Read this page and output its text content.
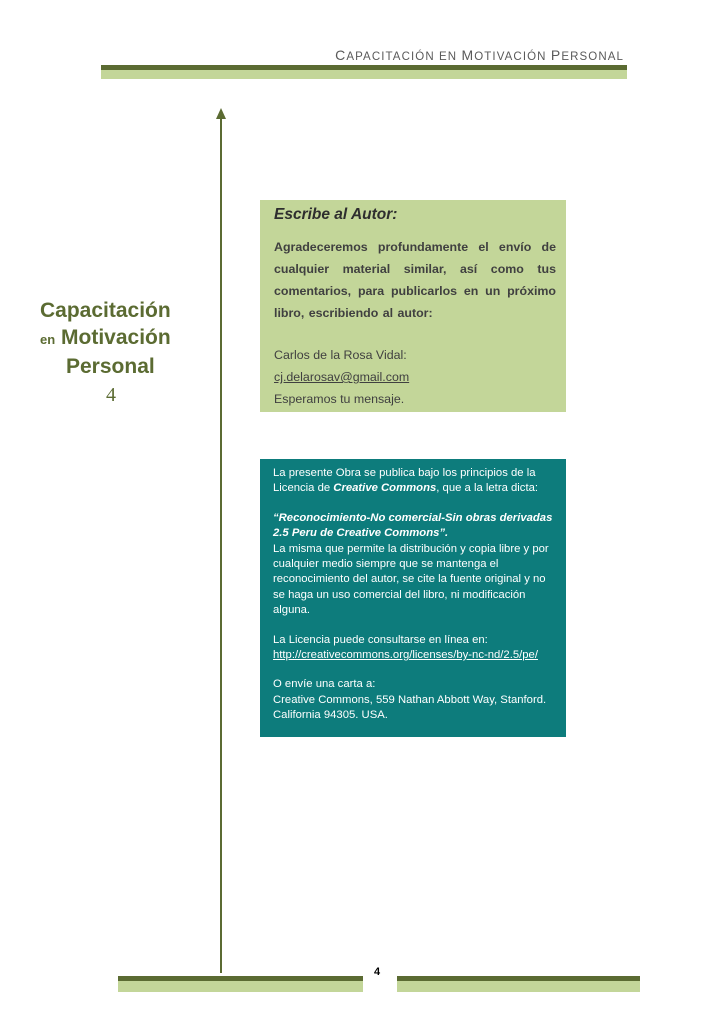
CAPACITACIÓN EN MOTIVACIÓN PERSONAL
Capacitación
en Motivación
Personal
4
Escribe al Autor:
Agradeceremos profundamente el envío de cualquier material similar, así como tus comentarios, para publicarlos en un próximo libro, escribiendo al autor:
Carlos de la Rosa Vidal:
cj.delarosav@gmail.com
Esperamos tu mensaje.

La presente Obra se publica bajo los principios de la Licencia de Creative Commons, que a la letra dicta:

“Reconocimiento-No comercial-Sin obras derivadas 2.5 Peru de Creative Commons”.
La misma que permite la distribución y copia libre y por cualquier medio siempre que se mantenga el reconocimiento del autor, se cite la fuente original y no se haga un uso comercial del libro, ni modificación alguna.

La Licencia puede consultarse en línea en:
http://creativecommons.org/licenses/by-nc-nd/2.5/pe/

O envíe una carta a:
Creative Commons, 559 Nathan Abbott Way, Stanford. California 94305. USA.

4
